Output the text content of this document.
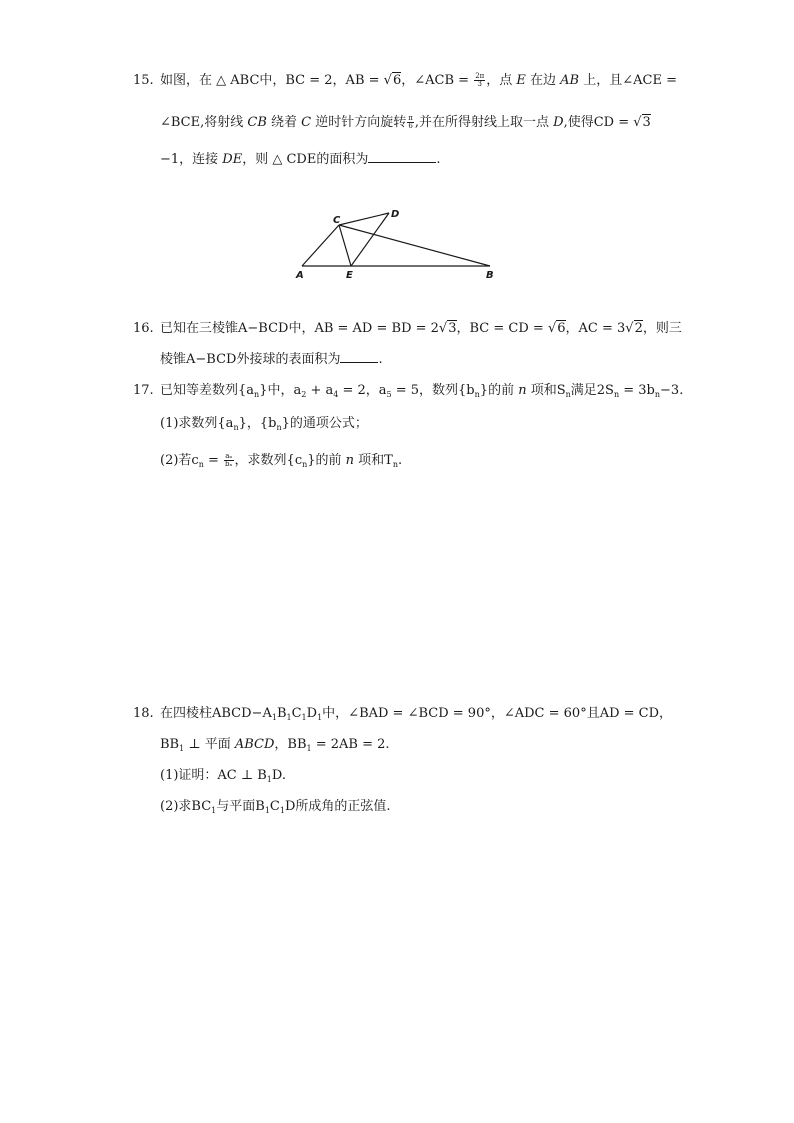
15. 如图，在 △ ABC中，BC = 2，AB = √6，∠ACB = $\frac{2\pi}{3}$ ，点 E 在边 AB 上，且∠ACE =
∠BCE,将射线 CB 绕着 C 逆时针方向旋转 $\frac{\pi}{6}$ ,并在所得射线上取一点 D,使得CD = √3
−1，连接 DE，则 △ CDE的面积为	.
A	E	B
C
D
16. 已知在三棱锥A−BCD中，AB = AD = BD = 2√3，BC = CD = √6，AC = 3√2，则三
棱锥A−BCD外接球的表面积为	.
17. 已知等差数列$\{a_n\}$中，$a_2 + a_4 = 2$，$a_5 = 5$，数列$\{b_n\}$的前 n 项和$S_n$满足$2S_n = 3b_n-3$.
(1)求数列$\{a_n\}$，$\{b_n\}$的通项公式；
(2)若$c_n = \frac{\text{aₙ}}{\text{bₙ}}$ ，求数列$\{c_n\}$的前 n 项和$T_n$.
18. 在四棱柱$ABCD-A_1B_1C_1D_1$中，∠BAD = ∠BCD = 90°，∠ADC = 60°且AD = CD，
$BB_1$ ⊥ 平面 ABCD，$BB_1 = 2AB = 2$.
(1)证明：AC ⊥ $B_1D$.
(2)求$BC_1$与平面$B_1C_1D$所成角的正弦值.
